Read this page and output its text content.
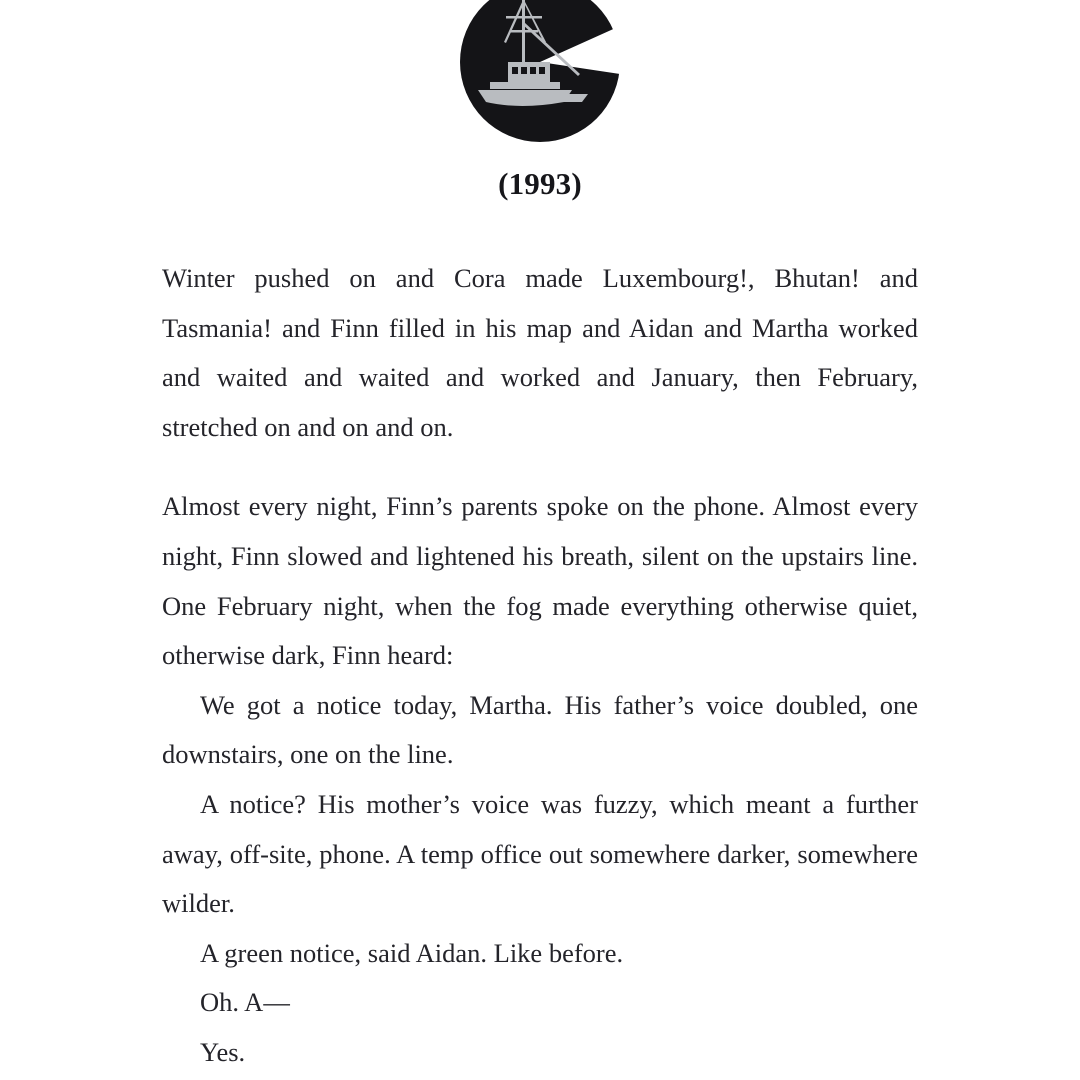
(1993)

Winter pushed on and Cora made Luxembourg!, Bhutan! and Tasmania! and Finn filled in his map and Aidan and Martha worked and waited and waited and worked and January, then February, stretched on and on and on.

Almost every night, Finn’s parents spoke on the phone. Almost every night, Finn slowed and lightened his breath, silent on the upstairs line. One February night, when the fog made everything otherwise quiet, otherwise dark, Finn heard:

We got a notice today, Martha. His father’s voice doubled, one downstairs, one on the line.

A notice? His mother’s voice was fuzzy, which meant a further away, off-site, phone. A temp office out somewhere darker, somewhere wilder.

A green notice, said Aidan. Like before.

Oh. A—

Yes.
